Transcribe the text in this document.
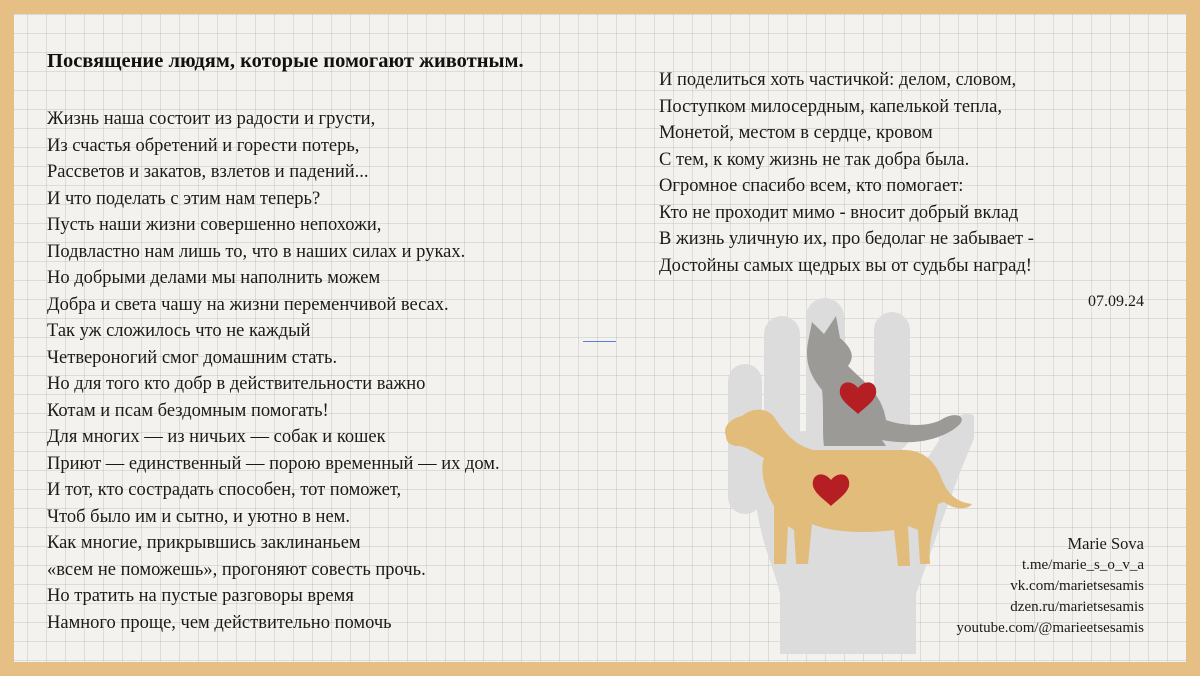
Посвящение людям, которые помогают животным.
Жизнь наша состоит из радости и грусти,
Из счастья обретений и горести потерь,
Рассветов и закатов, взлетов и падений...
И что поделать с этим нам теперь?
Пусть наши жизни совершенно непохожи,
Подвластно нам лишь то, что в наших силах и руках.
Но добрыми делами мы наполнить можем
Добра и света чашу на жизни переменчивой весах.
Так уж сложилось что не каждый
Четвероногий смог домашним стать.
Но для того кто добр в действительности важно
Котам и псам бездомным помогать!
Для многих — из ничьих — собак и кошек
Приют — единственный — порою временный — их дом.
И тот, кто сострадать способен, тот поможет,
Чтоб было им и сытно, и уютно в нем.
Как многие, прикрывшись заклинаньем
«всем не поможешь», прогоняют совесть прочь.
Но тратить на пустые разговоры время
Намного проще, чем действительно помочь
И поделиться хоть частичкой: делом, словом,
Поступком милосердным, капелькой тепла,
Монетой, местом в сердце, кровом
С тем, к кому жизнь не так добра была.
Огромное спасибо всем, кто помогает:
Кто не проходит мимо - вносит добрый вклад
В жизнь уличную их, про бедолаг не забывает -
Достойны самых щедрых вы от судьбы наград!
07.09.24
Marie Sova
t.me/marie_s_o_v_a
vk.com/marietsesamis
dzen.ru/marietsesamis
youtube.com/@marieetsesamis
